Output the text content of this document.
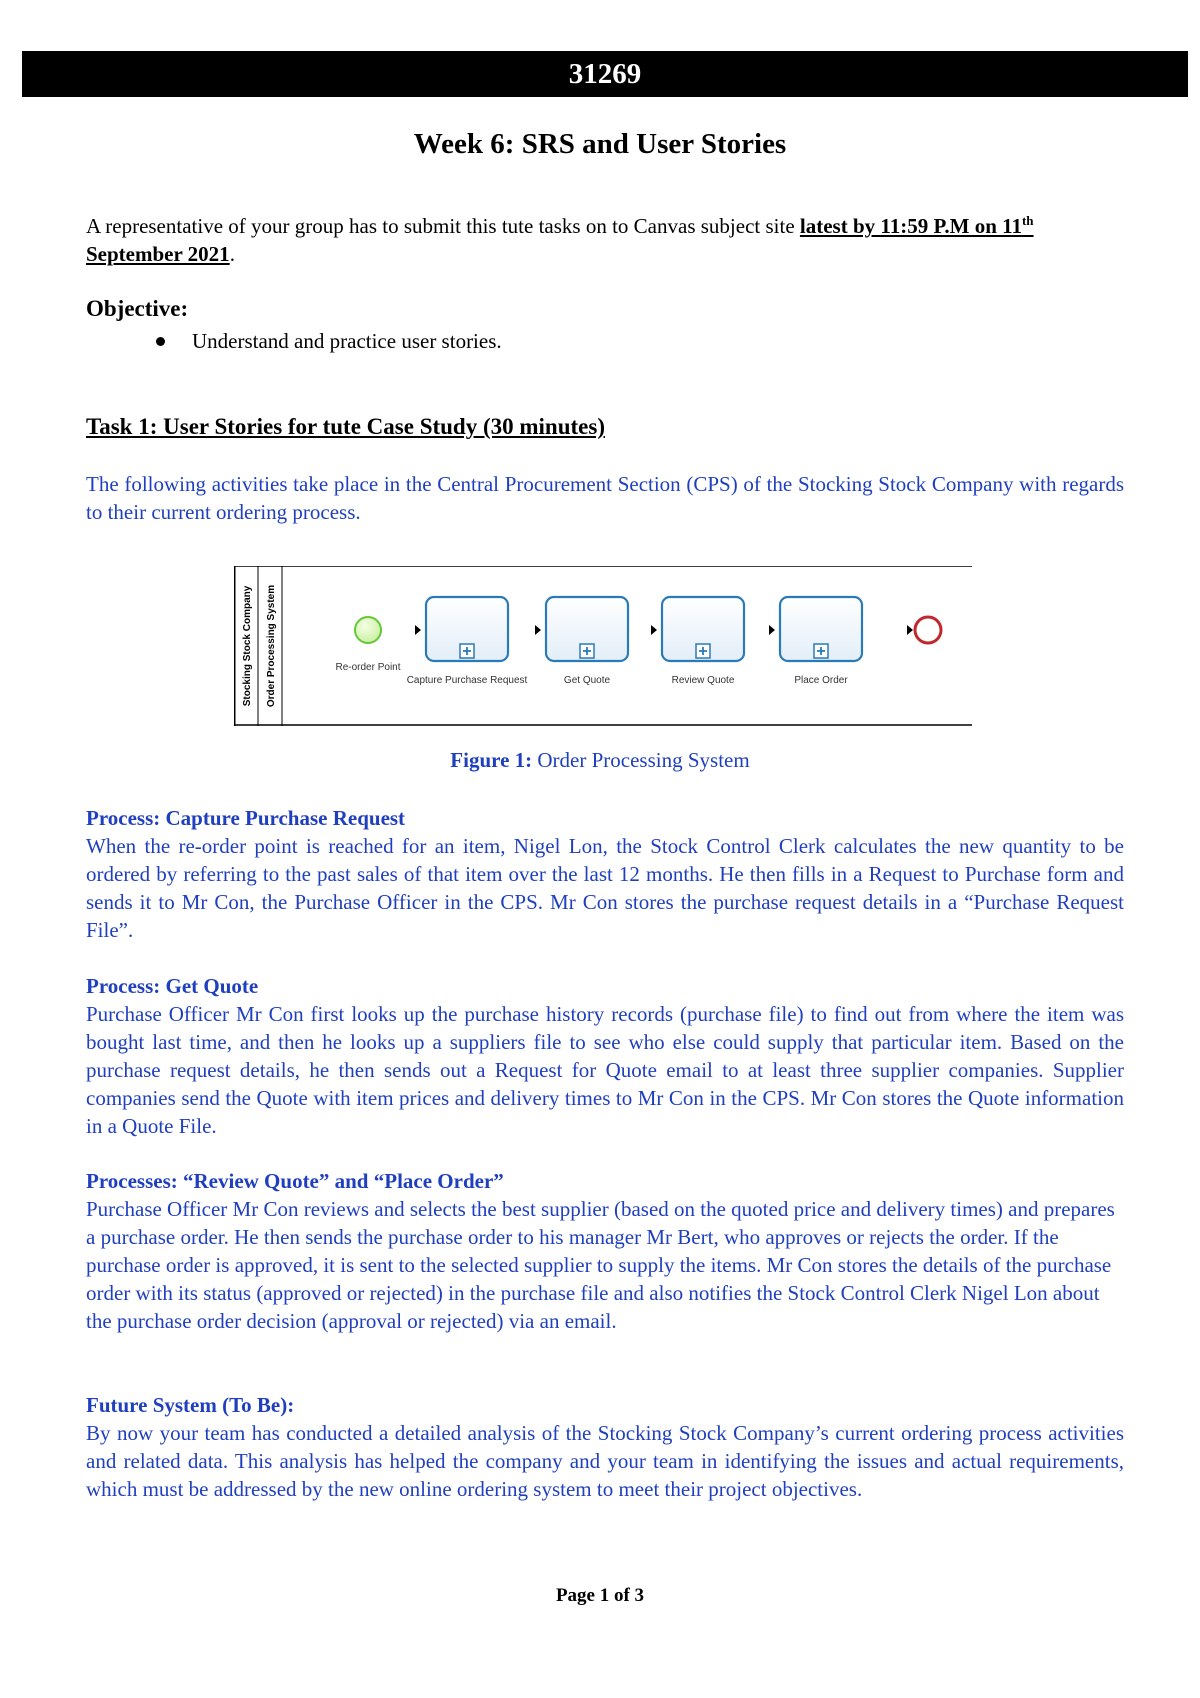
31269
Week 6: SRS and User Stories
A representative of your group has to submit this tute tasks on to Canvas subject site latest by 11:59 P.M on 11th September 2021.
Objective:
Understand and practice user stories.
Task 1: User Stories for tute Case Study (30 minutes)
The following activities take place in the Central Procurement Section (CPS) of the Stocking Stock Company with regards to their current ordering process.
Stocking Stock Company Order Processing System	Re-order Point
Capture Purchase Request	Get Quote	Review Quote	Place Order
Figure 1: Order Processing System
Process: Capture Purchase Request
When the re-order point is reached for an item, Nigel Lon, the Stock Control Clerk calculates the new quantity to be ordered by referring to the past sales of that item over the last 12 months. He then fills in a Request to Purchase form and sends it to Mr Con, the Purchase Officer in the CPS. Mr Con stores the purchase request details in a “Purchase Request File”.
Process: Get Quote
Purchase Officer Mr Con first looks up the purchase history records (purchase file) to find out from where the item was bought last time, and then he looks up a suppliers file to see who else could supply that particular item. Based on the purchase request details, he then sends out a Request for Quote email to at least three supplier companies. Supplier companies send the Quote with item prices and delivery times to Mr Con in the CPS. Mr Con stores the Quote information in a Quote File.
Processes: “Review Quote” and “Place Order”
Purchase Officer Mr Con reviews and selects the best supplier (based on the quoted price and delivery times) and prepares a purchase order. He then sends the purchase order to his manager Mr Bert, who approves or rejects the order. If the purchase order is approved, it is sent to the selected supplier to supply the items. Mr Con stores the details of the purchase order with its status (approved or rejected) in the purchase file and also notifies the Stock Control Clerk Nigel Lon about the purchase order decision (approval or rejected) via an email.
Future System (To Be):
By now your team has conducted a detailed analysis of the Stocking Stock Company’s current ordering process activities and related data. This analysis has helped the company and your team in identifying the issues and actual requirements, which must be addressed by the new online ordering system to meet their project objectives.
Page 1 of 3
